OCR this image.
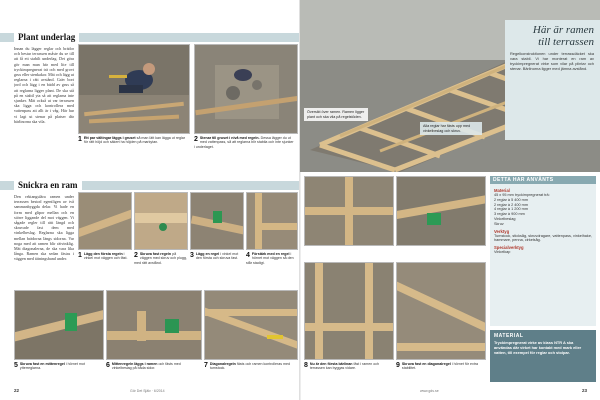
Plant underlag
Innan du lägger reglar och brädor och bestar terrassen måste du se till att få ett stabilt underlag. Det göra gör man man här med lite till tryckimpregnerat trä och med grovt grus eller stenkakor. Mät och lägg ut reglarna i rätt avstånd. Gräv bort jord och lägg i en bädd av grus så att reglarna ligger plant. De ska stå på en stabil yta så att reglarna inte sjunker. Mät också ut var terrassen ska ligga och kontrollera med vattenpass att allt är i våg. Här har vi lagt ut stenar på platser där bärlinorna ska vila.
1 Ett par vältingar läggs i gruset så man lätt kan lägga ut reglar för rätt höjd och säkert ha höjden på markytan.	2 Stenar till gruset i nivå med regeln. Dessa lägger du ut med vattenpass, så att reglarna blir stabila och inte sjunker i underlaget.
Snickra en ram
Den rektangulära ramen under terrassen bestod egentligen av två sammanbyggda delar. Vi hade en form med glipor mellan och en större liggande del mot väggen. Vi sågade regler till rätt längd och skruvade fast dem med vinkelbeslag. Reglarna ska ligga mellan brädorna längs sidorna. Var noga med att ramen blir rätvinklig. Mät diagonalerna, de ska vara lika långa. Ramen ska sedan fästas i väggen med tätningsband under.	1 Lägg den första regeln i vinkel mot väggen och fäst. 2 Skruva fast regeln på väggen med skruv och plugg, med rätt avstånd.
3 Lägg en regel i vinkel mot den första och skruva fast.	4 Förstärk med en regel i hörnet mot väggen så den står stadigt.
5 Skruva fast en mittenregel i hörnet mot ytterreglarna.	6 Mittenregeln läggs i ramen och fästs med vinkelbeslag på båda sidor.	7 Diagonalregeln fästs och ramen kontrolleras med tumstock.
22	Gör Det Själv · 6/2014
Här är ramen
till terrassen
Regelkonstruktionen under terrassdäcket ska vara stabil. Vi har monterat en ram av tryckimpregnerat virke som vilar på plintar och stenar. Bärlinorna ligger med jämna avstånd.
Översikt över ramen. Ramen ligger plant och ska vila på regelstöden.
Alla reglar har fästs upp med vinkelbeslag och skruv.
DETTA HAR ANVÄNTS
Material
45 x 95 mm tryckimpregnerat trä:
2 reglar à 5 400 mm
2 reglar à 2 400 mm
4 reglar à 1 200 mm
3 reglar à 900 mm
Vinkelbeslag
Skruv
Verktyg
Tumstock, sticksåg, skruvdragare, vattenpass, vinkelhake, hammare, penna, cirkelsåg.
Specialverktyg
Vinkelkap
8 Nu är den första bärlinan fäst i ramen och terrassen kan byggas vidare.	9 Skruva fast en diagonalregel i hörnet för extra stabilitet.
MATERIAL
Tryckimpregnerat virke av klass NTR A ska användas där virket har kontakt med mark eller vatten, till exempel för reglar och stolpar.
www.gds.se	23
